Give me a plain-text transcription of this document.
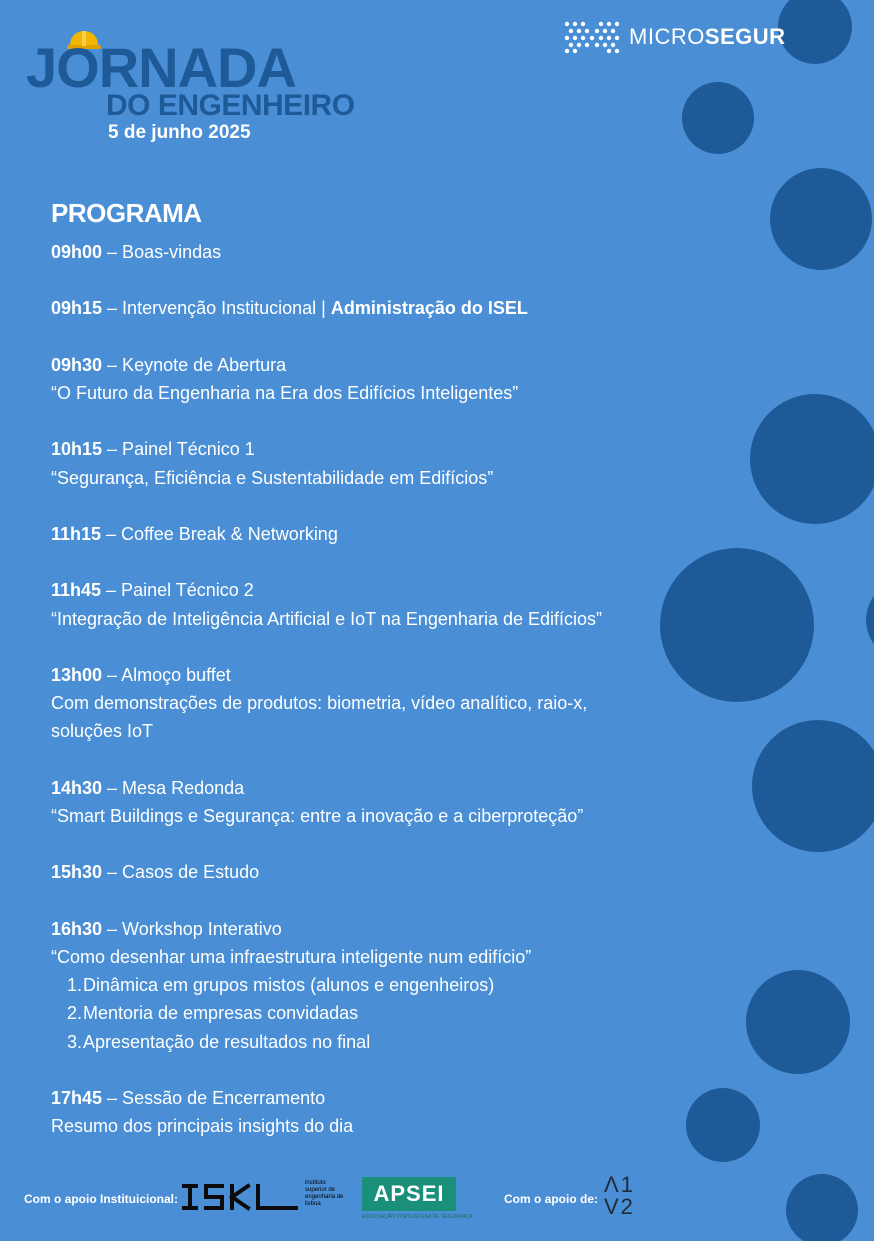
JORNADA
DO ENGENHEIRO
5 de junho 2025
MICROSEGUR
PROGRAMA
09h00 – Boas-vindas
09h15 – Intervenção Institucional | Administração do ISEL
09h30 – Keynote de Abertura
“O Futuro da Engenharia na Era dos Edifícios Inteligentes”
10h15 – Painel Técnico 1
“Segurança, Eficiência e Sustentabilidade em Edifícios”
11h15 – Coffee Break & Networking
11h45 – Painel Técnico 2
“Integração de Inteligência Artificial e IoT na Engenharia de Edifícios”
13h00 – Almoço buffet
Com demonstrações de produtos: biometria, vídeo analítico, raio-x,
soluções IoT
14h30 – Mesa Redonda
“Smart Buildings e Segurança: entre a inovação e a ciberproteção”
15h30 – Casos de Estudo
16h30 – Workshop Interativo
“Como desenhar uma infraestrutura inteligente num edifício”
1.Dinâmica em grupos mistos (alunos e engenheiros)
2.Mentoria de empresas convidadas
3.Apresentação de resultados no final
17h45 – Sessão de Encerramento
Resumo dos principais insights do dia
Com o apoio Instituicional:
instituto superior de engenharia de lisboa	APSEI
ASSOCIAÇÃO PORTUGUESA DE SEGURANÇA
Com o apoio de:
Λ1
V2
